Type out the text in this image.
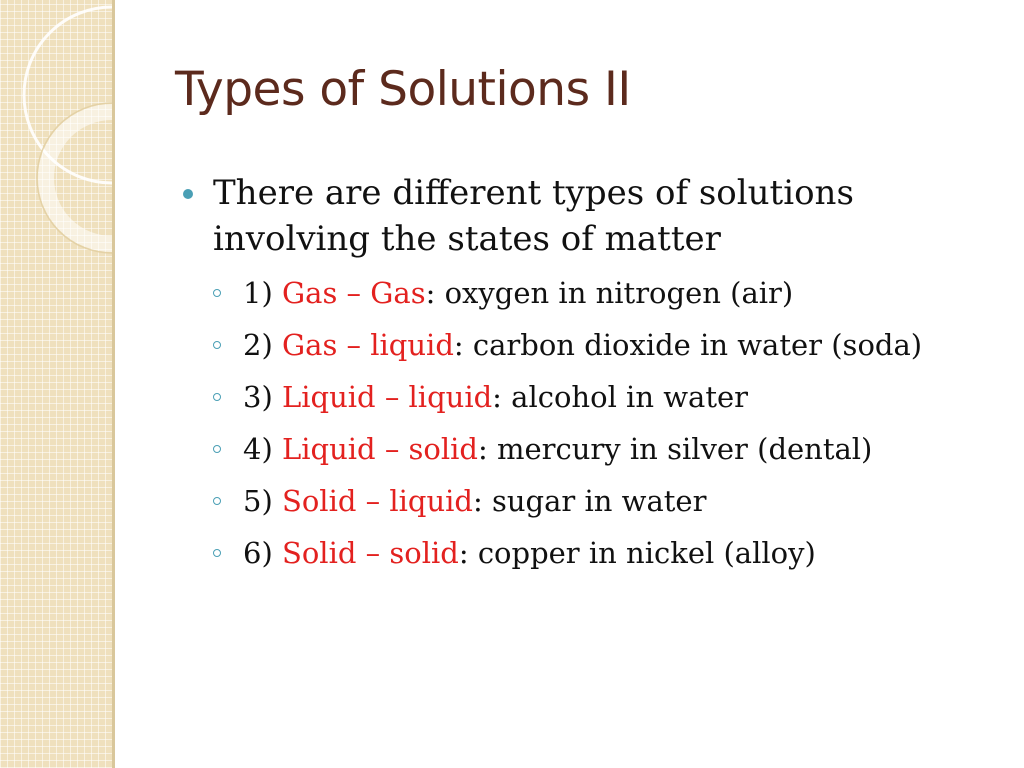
Types of Solutions II
There are different types of solutions involving the states of matter
1) Gas – Gas: oxygen in nitrogen (air)
2) Gas – liquid: carbon dioxide in water (soda)
3) Liquid – liquid: alcohol in water
4) Liquid – solid: mercury in silver (dental)
5) Solid – liquid: sugar in water
6) Solid – solid: copper in nickel (alloy)
